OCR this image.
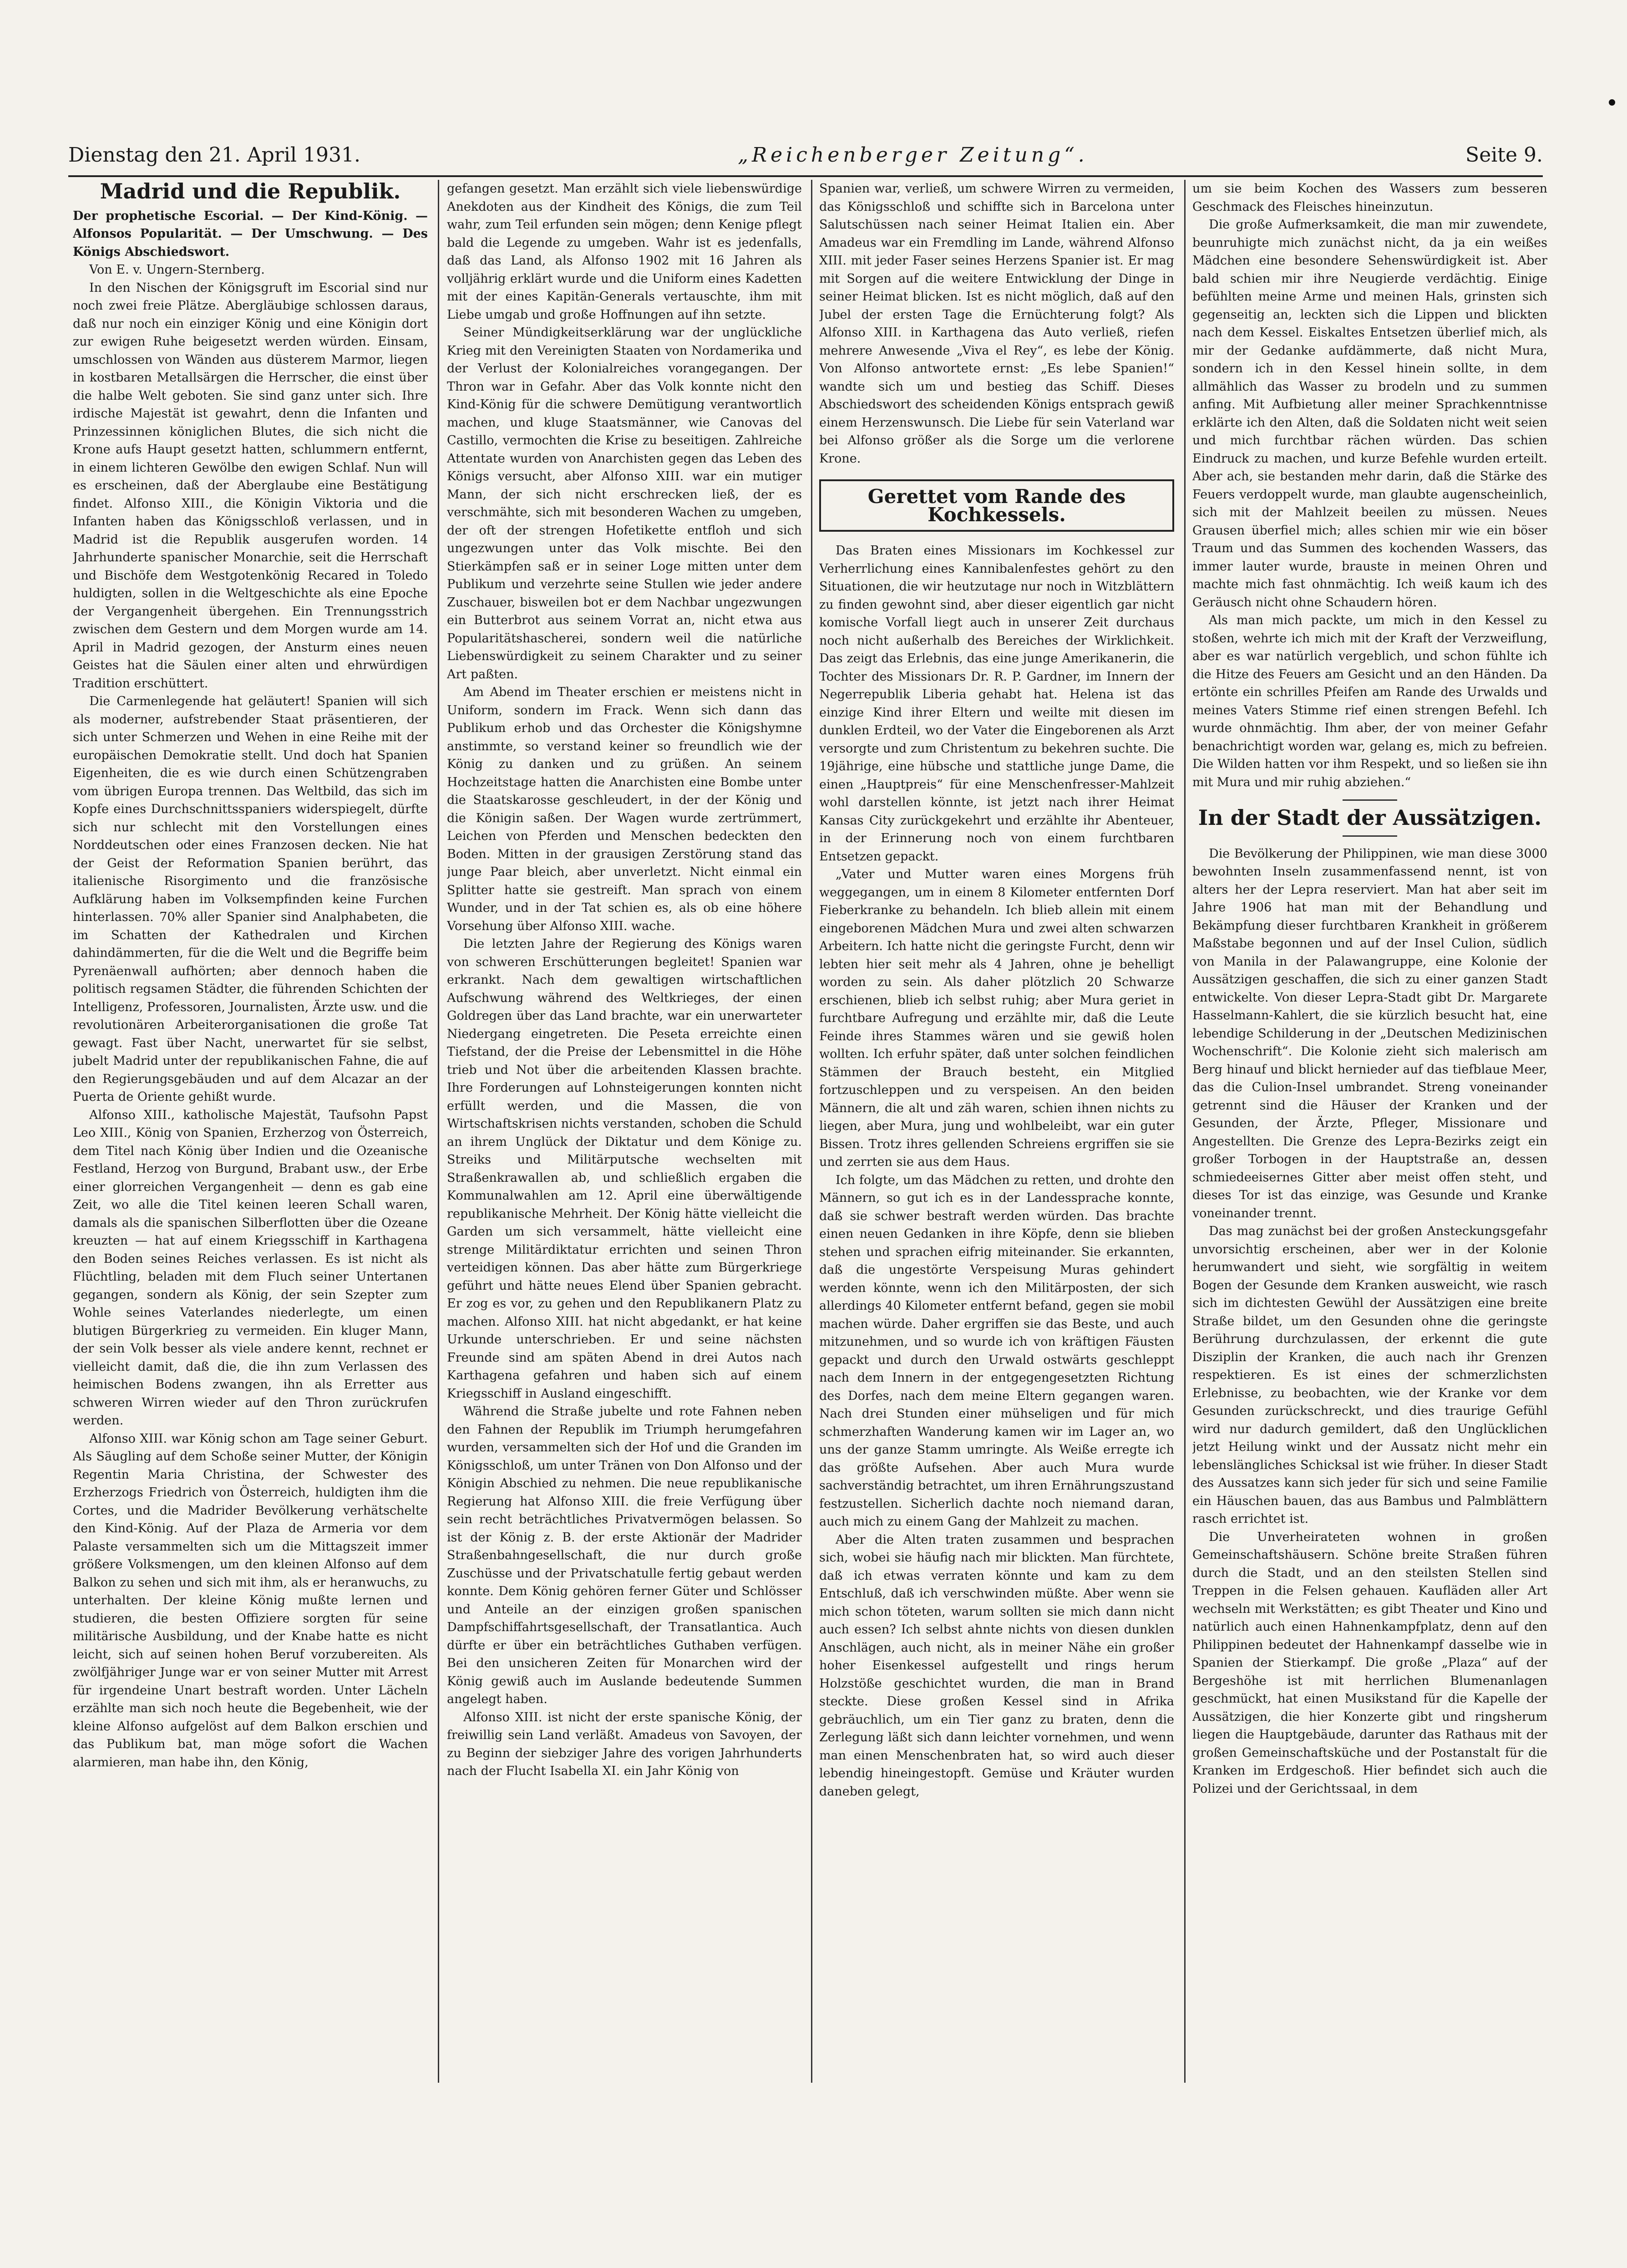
Dienstag den 21. April 1931.	„Reichenberger Zeitung“.	Seite 9.
Madrid und die Republik.

Der prophetische Escorial. — Der Kind-König. — Alfonsos Popularität. — Der Umschwung. — Des Königs Abschiedswort.

Von E. v. Ungern-Sternberg.

In den Nischen der Königsgruft im Escorial sind nur noch zwei freie Plätze. Abergläubige schlossen daraus, daß nur noch ein einziger König und eine Königin dort zur ewigen Ruhe beigesetzt werden würden. Einsam, umschlossen von Wänden aus düsterem Marmor, liegen in kostbaren Metallsärgen die Herrscher, die einst über die halbe Welt geboten. Sie sind ganz unter sich. Ihre irdische Majestät ist gewahrt, denn die Infanten und Prinzessinnen königlichen Blutes, die sich nicht die Krone aufs Haupt gesetzt hatten, schlummern entfernt, in einem lichteren Gewölbe den ewigen Schlaf. Nun will es erscheinen, daß der Aberglaube eine Bestätigung findet. Alfonso XIII., die Königin Viktoria und die Infanten haben das Königsschloß verlassen, und in Madrid ist die Republik ausgerufen worden. 14 Jahrhunderte spanischer Monarchie, seit die Herrschaft und Bischöfe dem Westgotenkönig Recared in Toledo huldigten, sollen in die Weltgeschichte als eine Epoche der Vergangenheit übergehen. Ein Trennungsstrich zwischen dem Gestern und dem Morgen wurde am 14. April in Madrid gezogen, der Ansturm eines neuen Geistes hat die Säulen einer alten und ehrwürdigen Tradition erschüttert.

Die Carmenlegende hat geläutert! Spanien will sich als moderner, aufstrebender Staat präsentieren, der sich unter Schmerzen und Wehen in eine Reihe mit der europäischen Demokratie stellt. Und doch hat Spanien Eigenheiten, die es wie durch einen Schützengraben vom übrigen Europa trennen. Das Weltbild, das sich im Kopfe eines Durchschnittsspaniers widerspiegelt, dürfte sich nur schlecht mit den Vorstellungen eines Norddeutschen oder eines Franzosen decken. Nie hat der Geist der Reformation Spanien berührt, das italienische Risorgimento und die französische Aufklärung haben im Volksempfinden keine Furchen hinterlassen. 70% aller Spanier sind Analphabeten, die im Schatten der Kathedralen und Kirchen dahindämmerten, für die die Welt und die Begriffe beim Pyrenäenwall aufhörten; aber dennoch haben die politisch regsamen Städter, die führenden Schichten der Intelligenz, Professoren, Journalisten, Ärzte usw. und die revolutionären Arbeiterorganisationen die große Tat gewagt. Fast über Nacht, unerwartet für sie selbst, jubelt Madrid unter der republikanischen Fahne, die auf den Regierungsgebäuden und auf dem Alcazar an der Puerta de Oriente gehißt wurde.

Alfonso XIII., katholische Majestät, Taufsohn Papst Leo XIII., König von Spanien, Erzherzog von Österreich, dem Titel nach König über Indien und die Ozeanische Festland, Herzog von Burgund, Brabant usw., der Erbe einer glorreichen Vergangenheit — denn es gab eine Zeit, wo alle die Titel keinen leeren Schall waren, damals als die spanischen Silberflotten über die Ozeane kreuzten — hat auf einem Kriegsschiff in Karthagena den Boden seines Reiches verlassen. Es ist nicht als Flüchtling, beladen mit dem Fluch seiner Untertanen gegangen, sondern als König, der sein Szepter zum Wohle seines Vaterlandes niederlegte, um einen blutigen Bürgerkrieg zu vermeiden. Ein kluger Mann, der sein Volk besser als viele andere kennt, rechnet er vielleicht damit, daß die, die ihn zum Verlassen des heimischen Bodens zwangen, ihn als Erretter aus schweren Wirren wieder auf den Thron zurückrufen werden.

Alfonso XIII. war König schon am Tage seiner Geburt. Als Säugling auf dem Schoße seiner Mutter, der Königin Regentin Maria Christina, der Schwester des Erzherzogs Friedrich von Österreich, huldigten ihm die Cortes, und die Madrider Bevölkerung verhätschelte den Kind-König. Auf der Plaza de Armeria vor dem Palaste versammelten sich um die Mittagszeit immer größere Volksmengen, um den kleinen Alfonso auf dem Balkon zu sehen und sich mit ihm, als er heranwuchs, zu unterhalten. Der kleine König mußte lernen und studieren, die besten Offiziere sorgten für seine militärische Ausbildung, und der Knabe hatte es nicht leicht, sich auf seinen hohen Beruf vorzubereiten. Als zwölfjähriger Junge war er von seiner Mutter mit Arrest für irgendeine Unart bestraft worden. Unter Lächeln erzählte man sich noch heute die Begebenheit, wie der kleine Alfonso aufgelöst auf dem Balkon erschien und das Publikum bat, man möge sofort die Wachen alarmieren, man habe ihn, den König,

gefangen gesetzt. Man erzählt sich viele liebenswürdige Anekdoten aus der Kindheit des Königs, die zum Teil wahr, zum Teil erfunden sein mögen; denn Kenige pflegt bald die Legende zu umgeben. Wahr ist es jedenfalls, daß das Land, als Alfonso 1902 mit 16 Jahren als volljährig erklärt wurde und die Uniform eines Kadetten mit der eines Kapitän-Generals vertauschte, ihm mit Liebe umgab und große Hoffnungen auf ihn setzte.

Seiner Mündigkeitserklärung war der unglückliche Krieg mit den Vereinigten Staaten von Nordamerika und der Verlust der Kolonialreiches vorangegangen. Der Thron war in Gefahr. Aber das Volk konnte nicht den Kind-König für die schwere Demütigung verantwortlich machen, und kluge Staatsmänner, wie Canovas del Castillo, vermochten die Krise zu beseitigen. Zahlreiche Attentate wurden von Anarchisten gegen das Leben des Königs versucht, aber Alfonso XIII. war ein mutiger Mann, der sich nicht erschrecken ließ, der es verschmähte, sich mit besonderen Wachen zu umgeben, der oft der strengen Hofetikette entfloh und sich ungezwungen unter das Volk mischte. Bei den Stierkämpfen saß er in seiner Loge mitten unter dem Publikum und verzehrte seine Stullen wie jeder andere Zuschauer, bisweilen bot er dem Nachbar ungezwungen ein Butterbrot aus seinem Vorrat an, nicht etwa aus Popularitätshascherei, sondern weil die natürliche Liebenswürdigkeit zu seinem Charakter und zu seiner Art paßten.

Am Abend im Theater erschien er meistens nicht in Uniform, sondern im Frack. Wenn sich dann das Publikum erhob und das Orchester die Königshymne anstimmte, so verstand keiner so freundlich wie der König zu danken und zu grüßen. An seinem Hochzeitstage hatten die Anarchisten eine Bombe unter die Staatskarosse geschleudert, in der der König und die Königin saßen. Der Wagen wurde zertrümmert, Leichen von Pferden und Menschen bedeckten den Boden. Mitten in der grausigen Zerstörung stand das junge Paar bleich, aber unverletzt. Nicht einmal ein Splitter hatte sie gestreift. Man sprach von einem Wunder, und in der Tat schien es, als ob eine höhere Vorsehung über Alfonso XIII. wache.

Die letzten Jahre der Regierung des Königs waren von schweren Erschütterungen begleitet! Spanien war erkrankt. Nach dem gewaltigen wirtschaftlichen Aufschwung während des Weltkrieges, der einen Goldregen über das Land brachte, war ein unerwarteter Niedergang eingetreten. Die Peseta erreichte einen Tiefstand, der die Preise der Lebensmittel in die Höhe trieb und Not über die arbeitenden Klassen brachte. Ihre Forderungen auf Lohnsteigerungen konnten nicht erfüllt werden, und die Massen, die von Wirtschaftskrisen nichts verstanden, schoben die Schuld an ihrem Unglück der Diktatur und dem Könige zu. Streiks und Militärputsche wechselten mit Straßenkrawallen ab, und schließlich ergaben die Kommunalwahlen am 12. April eine überwältigende republikanische Mehrheit. Der König hätte vielleicht die Garden um sich versammelt, hätte vielleicht eine strenge Militärdiktatur errichten und seinen Thron verteidigen können. Das aber hätte zum Bürgerkriege geführt und hätte neues Elend über Spanien gebracht. Er zog es vor, zu gehen und den Republikanern Platz zu machen. Alfonso XIII. hat nicht abgedankt, er hat keine Urkunde unterschrieben. Er und seine nächsten Freunde sind am späten Abend in drei Autos nach Karthagena gefahren und haben sich auf einem Kriegsschiff in Ausland eingeschifft.

Während die Straße jubelte und rote Fahnen neben den Fahnen der Republik im Triumph herumgefahren wurden, versammelten sich der Hof und die Granden im Königsschloß, um unter Tränen von Don Alfonso und der Königin Abschied zu nehmen. Die neue republikanische Regierung hat Alfonso XIII. die freie Verfügung über sein recht beträchtliches Privatvermögen belassen. So ist der König z. B. der erste Aktionär der Madrider Straßenbahngesellschaft, die nur durch große Zuschüsse und der Privatschatulle fertig gebaut werden konnte. Dem König gehören ferner Güter und Schlösser und Anteile an der einzigen großen spanischen Dampfschiffahrtsgesellschaft, der Transatlantica. Auch dürfte er über ein beträchtliches Guthaben verfügen. Bei den unsicheren Zeiten für Monarchen wird der König gewiß auch im Auslande bedeutende Summen angelegt haben.

Alfonso XIII. ist nicht der erste spanische König, der freiwillig sein Land verläßt. Amadeus von Savoyen, der zu Beginn der siebziger Jahre des vorigen Jahrhunderts nach der Flucht Isabella XI. ein Jahr König von

Spanien war, verließ, um schwere Wirren zu vermeiden, das Königsschloß und schiffte sich in Barcelona unter Salutschüssen nach seiner Heimat Italien ein. Aber Amadeus war ein Fremdling im Lande, während Alfonso XIII. mit jeder Faser seines Herzens Spanier ist. Er mag mit Sorgen auf die weitere Entwicklung der Dinge in seiner Heimat blicken. Ist es nicht möglich, daß auf den Jubel der ersten Tage die Ernüchterung folgt? Als Alfonso XIII. in Karthagena das Auto verließ, riefen mehrere Anwesende „Viva el Rey“, es lebe der König. Von Alfonso antwortete ernst: „Es lebe Spanien!“ wandte sich um und bestieg das Schiff. Dieses Abschiedswort des scheidenden Königs entsprach gewiß einem Herzenswunsch. Die Liebe für sein Vaterland war bei Alfonso größer als die Sorge um die verlorene Krone.

Gerettet vom Rande des Kochkessels.

Das Braten eines Missionars im Kochkessel zur Verherrlichung eines Kannibalenfestes gehört zu den Situationen, die wir heutzutage nur noch in Witzblättern zu finden gewohnt sind, aber dieser eigentlich gar nicht komische Vorfall liegt auch in unserer Zeit durchaus noch nicht außerhalb des Bereiches der Wirklichkeit. Das zeigt das Erlebnis, das eine junge Amerikanerin, die Tochter des Missionars Dr. R. P. Gardner, im Innern der Negerrepublik Liberia gehabt hat. Helena ist das einzige Kind ihrer Eltern und weilte mit diesen im dunklen Erdteil, wo der Vater die Eingeborenen als Arzt versorgte und zum Christentum zu bekehren suchte. Die 19jährige, eine hübsche und stattliche junge Dame, die einen „Hauptpreis“ für eine Menschenfresser-Mahlzeit wohl darstellen könnte, ist jetzt nach ihrer Heimat Kansas City zurückgekehrt und erzählte ihr Abenteuer, in der Erinnerung noch von einem furchtbaren Entsetzen gepackt.

„Vater und Mutter waren eines Morgens früh weggegangen, um in einem 8 Kilometer entfernten Dorf Fieberkranke zu behandeln. Ich blieb allein mit einem eingeborenen Mädchen Mura und zwei alten schwarzen Arbeitern. Ich hatte nicht die geringste Furcht, denn wir lebten hier seit mehr als 4 Jahren, ohne je behelligt worden zu sein. Als daher plötzlich 20 Schwarze erschienen, blieb ich selbst ruhig; aber Mura geriet in furchtbare Aufregung und erzählte mir, daß die Leute Feinde ihres Stammes wären und sie gewiß holen wollten. Ich erfuhr später, daß unter solchen feindlichen Stämmen der Brauch besteht, ein Mitglied fortzuschleppen und zu verspeisen. An den beiden Männern, die alt und zäh waren, schien ihnen nichts zu liegen, aber Mura, jung und wohlbeleibt, war ein guter Bissen. Trotz ihres gellenden Schreiens ergriffen sie sie und zerrten sie aus dem Haus.

Ich folgte, um das Mädchen zu retten, und drohte den Männern, so gut ich es in der Landessprache konnte, daß sie schwer bestraft werden würden. Das brachte einen neuen Gedanken in ihre Köpfe, denn sie blieben stehen und sprachen eifrig miteinander. Sie erkannten, daß die ungestörte Verspeisung Muras gehindert werden könnte, wenn ich den Militärposten, der sich allerdings 40 Kilometer entfernt befand, gegen sie mobil machen würde. Daher ergriffen sie das Beste, und auch mitzunehmen, und so wurde ich von kräftigen Fäusten gepackt und durch den Urwald ostwärts geschleppt nach dem Innern in der entgegengesetzten Richtung des Dorfes, nach dem meine Eltern gegangen waren. Nach drei Stunden einer mühseligen und für mich schmerzhaften Wanderung kamen wir im Lager an, wo uns der ganze Stamm umringte. Als Weiße erregte ich das größte Aufsehen. Aber auch Mura wurde sachverständig betrachtet, um ihren Ernährungszustand festzustellen. Sicherlich dachte noch niemand daran, auch mich zu einem Gang der Mahlzeit zu machen.

Aber die Alten traten zusammen und besprachen sich, wobei sie häufig nach mir blickten. Man fürchtete, daß ich etwas verraten könnte und kam zu dem Entschluß, daß ich verschwinden müßte. Aber wenn sie mich schon töteten, warum sollten sie mich dann nicht auch essen? Ich selbst ahnte nichts von diesen dunklen Anschlägen, auch nicht, als in meiner Nähe ein großer hoher Eisenkessel aufgestellt und rings herum Holzstöße geschichtet wurden, die man in Brand steckte. Diese großen Kessel sind in Afrika gebräuchlich, um ein Tier ganz zu braten, denn die Zerlegung läßt sich dann leichter vornehmen, und wenn man einen Menschenbraten hat, so wird auch dieser lebendig hineingestopft. Gemüse und Kräuter wurden daneben gelegt,

um sie beim Kochen des Wassers zum besseren Geschmack des Fleisches hineinzutun.

Die große Aufmerksamkeit, die man mir zuwendete, beunruhigte mich zunächst nicht, da ja ein weißes Mädchen eine besondere Sehenswürdigkeit ist. Aber bald schien mir ihre Neugierde verdächtig. Einige befühlten meine Arme und meinen Hals, grinsten sich gegenseitig an, leckten sich die Lippen und blickten nach dem Kessel. Eiskaltes Entsetzen überlief mich, als mir der Gedanke aufdämmerte, daß nicht Mura, sondern ich in den Kessel hinein sollte, in dem allmählich das Wasser zu brodeln und zu summen anfing. Mit Aufbietung aller meiner Sprachkenntnisse erklärte ich den Alten, daß die Soldaten nicht weit seien und mich furchtbar rächen würden. Das schien Eindruck zu machen, und kurze Befehle wurden erteilt. Aber ach, sie bestanden mehr darin, daß die Stärke des Feuers verdoppelt wurde, man glaubte augenscheinlich, sich mit der Mahlzeit beeilen zu müssen. Neues Grausen überfiel mich; alles schien mir wie ein böser Traum und das Summen des kochenden Wassers, das immer lauter wurde, brauste in meinen Ohren und machte mich fast ohnmächtig. Ich weiß kaum ich des Geräusch nicht ohne Schaudern hören.

Als man mich packte, um mich in den Kessel zu stoßen, wehrte ich mich mit der Kraft der Verzweiflung, aber es war natürlich vergeblich, und schon fühlte ich die Hitze des Feuers am Gesicht und an den Händen. Da ertönte ein schrilles Pfeifen am Rande des Urwalds und meines Vaters Stimme rief einen strengen Befehl. Ich wurde ohnmächtig. Ihm aber, der von meiner Gefahr benachrichtigt worden war, gelang es, mich zu befreien. Die Wilden hatten vor ihm Respekt, und so ließen sie ihn mit Mura und mir ruhig abziehen.“

In der Stadt der Aussätzigen.

Die Bevölkerung der Philippinen, wie man diese 3000 bewohnten Inseln zusammenfassend nennt, ist von alters her der Lepra reserviert. Man hat aber seit im Jahre 1906 hat man mit der Behandlung und Bekämpfung dieser furchtbaren Krankheit in größerem Maßstabe begonnen und auf der Insel Culion, südlich von Manila in der Palawangruppe, eine Kolonie der Aussätzigen geschaffen, die sich zu einer ganzen Stadt entwickelte. Von dieser Lepra-Stadt gibt Dr. Margarete Hasselmann-Kahlert, die sie kürzlich besucht hat, eine lebendige Schilderung in der „Deutschen Medizinischen Wochenschrift“. Die Kolonie zieht sich malerisch am Berg hinauf und blickt hernieder auf das tiefblaue Meer, das die Culion-Insel umbrandet. Streng voneinander getrennt sind die Häuser der Kranken und der Gesunden, der Ärzte, Pfleger, Missionare und Angestellten. Die Grenze des Lepra-Bezirks zeigt ein großer Torbogen in der Hauptstraße an, dessen schmiedeeisernes Gitter aber meist offen steht, und dieses Tor ist das einzige, was Gesunde und Kranke voneinander trennt.

Das mag zunächst bei der großen Ansteckungsgefahr unvorsichtig erscheinen, aber wer in der Kolonie herumwandert und sieht, wie sorgfältig in weitem Bogen der Gesunde dem Kranken ausweicht, wie rasch sich im dichtesten Gewühl der Aussätzigen eine breite Straße bildet, um den Gesunden ohne die geringste Berührung durchzulassen, der erkennt die gute Disziplin der Kranken, die auch nach ihr Grenzen respektieren. Es ist eines der schmerzlichsten Erlebnisse, zu beobachten, wie der Kranke vor dem Gesunden zurückschreckt, und dies traurige Gefühl wird nur dadurch gemildert, daß den Unglücklichen jetzt Heilung winkt und der Aussatz nicht mehr ein lebenslängliches Schicksal ist wie früher. In dieser Stadt des Aussatzes kann sich jeder für sich und seine Familie ein Häuschen bauen, das aus Bambus und Palmblättern rasch errichtet ist.

Die Unverheirateten wohnen in großen Gemeinschaftshäusern. Schöne breite Straßen führen durch die Stadt, und an den steilsten Stellen sind Treppen in die Felsen gehauen. Kaufläden aller Art wechseln mit Werkstätten; es gibt Theater und Kino und natürlich auch einen Hahnenkampfplatz, denn auf den Philippinen bedeutet der Hahnenkampf dasselbe wie in Spanien der Stierkampf. Die große „Plaza“ auf der Bergeshöhe ist mit herrlichen Blumenanlagen geschmückt, hat einen Musikstand für die Kapelle der Aussätzigen, die hier Konzerte gibt und ringsherum liegen die Hauptgebäude, darunter das Rathaus mit der großen Gemeinschaftsküche und der Postanstalt für die Kranken im Erdgeschoß. Hier befindet sich auch die Polizei und der Gerichtssaal, in dem
